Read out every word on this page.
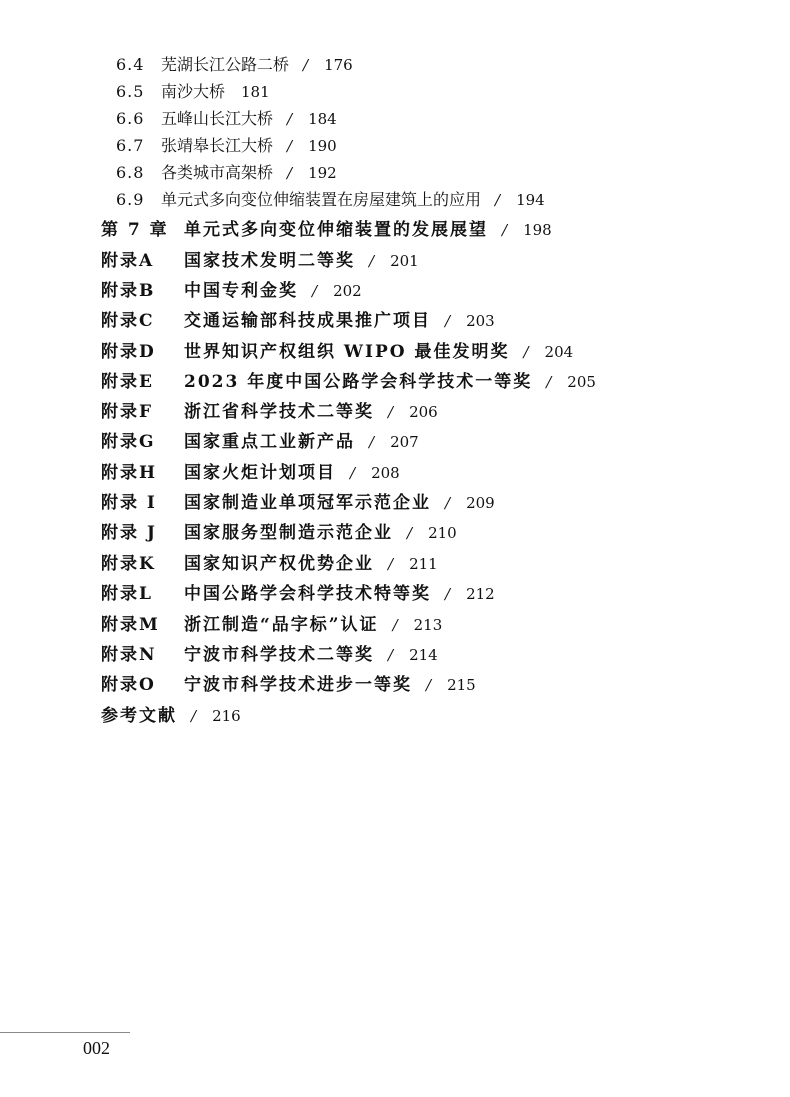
6.4 芜湖长江公路二桥 / 176
6.5 南沙大桥 181
6.6 五峰山长江大桥 / 184
6.7 张靖皋长江大桥 / 190
6.8 各类城市高架桥 / 192
6.9 单元式多向变位伸缩装置在房屋建筑上的应用 / 194
第 7 章 单元式多向变位伸缩装置的发展展望 / 198
附录A 国家技术发明二等奖 / 201
附录B 中国专利金奖 / 202
附录C 交通运输部科技成果推广项目 / 203
附录D 世界知识产权组织 WIPO 最佳发明奖 / 204
附录E 2023 年度中国公路学会科学技术一等奖 / 205
附录F 浙江省科学技术二等奖 / 206
附录G 国家重点工业新产品 / 207
附录H 国家火炬计划项目 / 208
附录 I 国家制造业单项冠军示范企业 / 209
附录 J 国家服务型制造示范企业 / 210
附录K 国家知识产权优势企业 / 211
附录L 中国公路学会科学技术特等奖 / 212
附录M 浙江制造“品字标”认证 / 213
附录N 宁波市科学技术二等奖 / 214
附录O 宁波市科学技术进步一等奖 / 215
参考文献 / 216
002
